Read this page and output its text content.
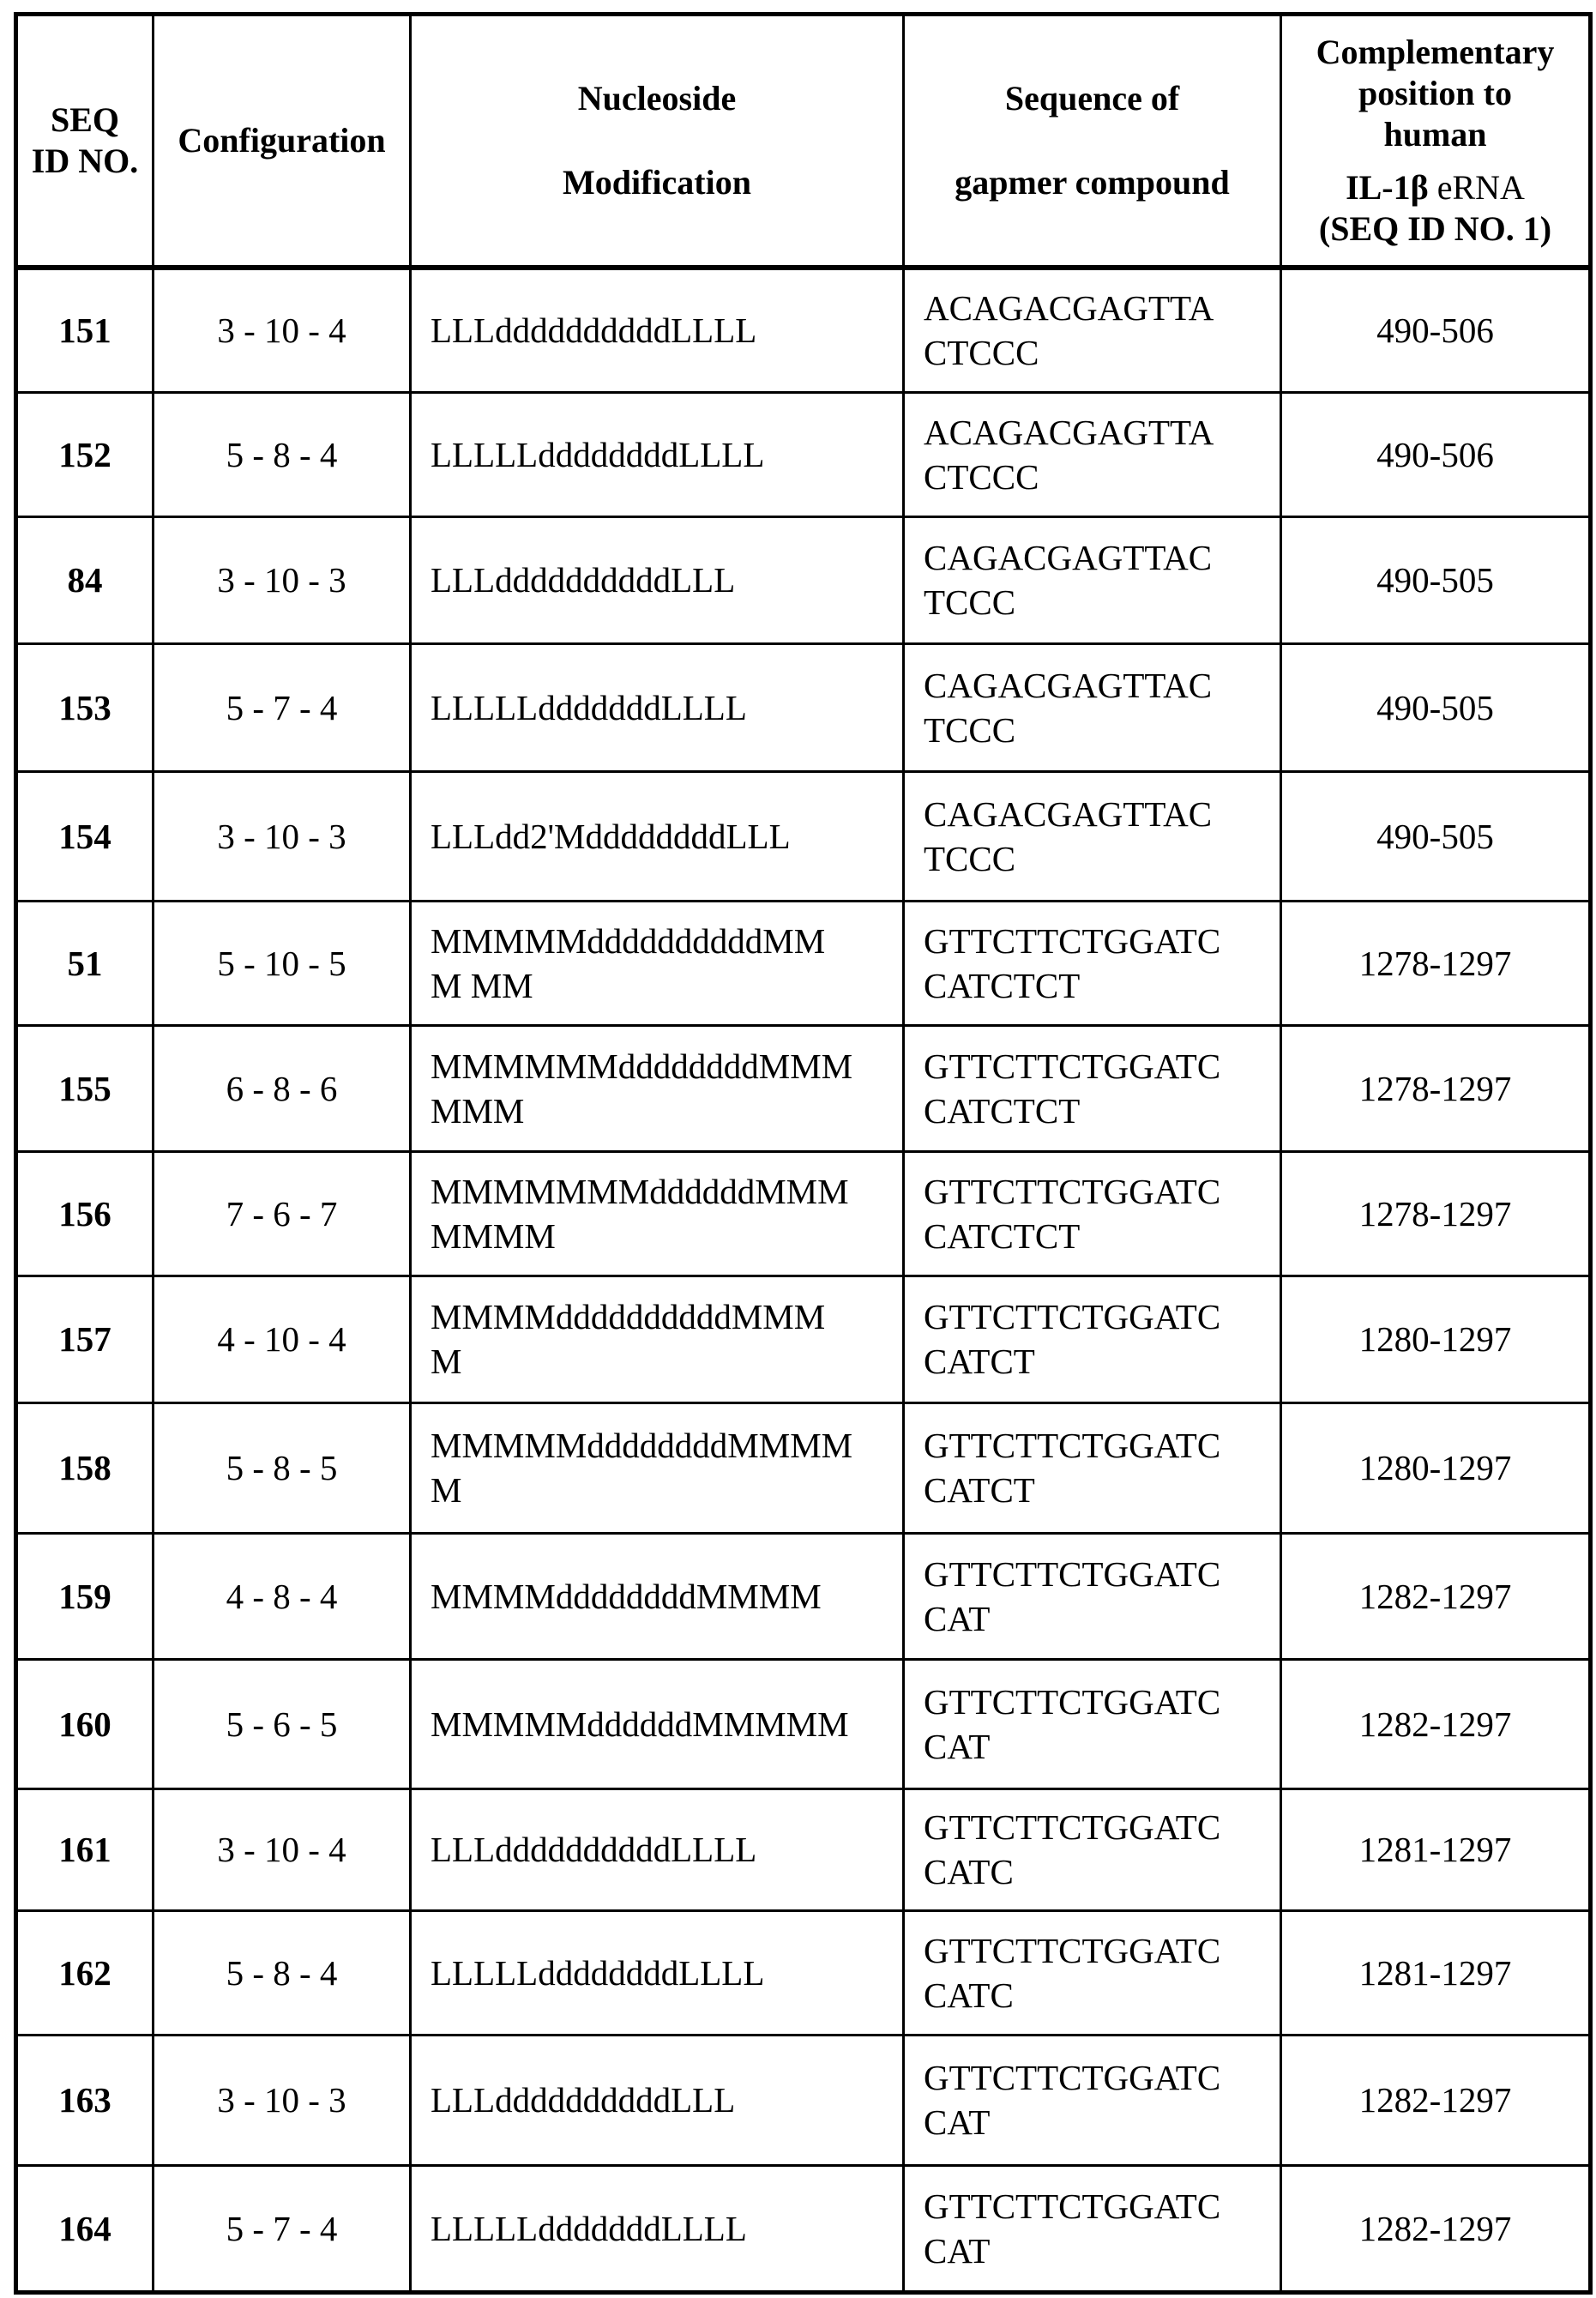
SEQ
ID NO.	Configuration	Nucleoside
Modification	Sequence of
gapmer compound	Complementary
position to
human
IL-1β eRNA
(SEQ ID NO. 1)
151	3 - 10 - 4	LLLddddddddddLLLL	
ACAGACGAGTTA
CTCCC
	490-506
152	5 - 8 - 4	LLLLLddddddddLLLL	
ACAGACGAGTTA
CTCCC
	490-506
84	3 - 10 - 3	LLLddddddddddLLL	
CAGACGAGTTAC
TCCC
	490-505
153	5 - 7 - 4	LLLLLdddddddLLLL	
CAGACGAGTTAC
TCCC
	490-505
154	3 - 10 - 3	LLLdd2'MddddddddLLL	
CAGACGAGTTAC
TCCC
	490-505
51	5 - 10 - 5	
MMMMMddddddddddMM
M MM

GTTCTTCTGGATC
CATCTCT
	1278-1297
155	6 - 8 - 6	
MMMMMMddddddddMMM
MMM

GTTCTTCTGGATC
CATCTCT
	1278-1297
156	7 - 6 - 7	
MMMMMMMddddddMMM
MMMM

GTTCTTCTGGATC
CATCTCT
	1278-1297
157	4 - 10 - 4	
MMMMddddddddddMMM
M

GTTCTTCTGGATC
CATCT
	1280-1297
158	5 - 8 - 5	
MMMMMddddddddMMMM
M

GTTCTTCTGGATC
CATCT
	1280-1297
159	4 - 8 - 4	MMMMddddddddMMMM	
GTTCTTCTGGATC
CAT
	1282-1297
160	5 - 6 - 5	MMMMMddddddMMMMM	
GTTCTTCTGGATC
CAT
	1282-1297
161	3 - 10 - 4	LLLddddddddddLLLL	
GTTCTTCTGGATC
CATC
	1281-1297
162	5 - 8 - 4	LLLLLddddddddLLLL	
GTTCTTCTGGATC
CATC
	1281-1297
163	3 - 10 - 3	LLLddddddddddLLL	
GTTCTTCTGGATC
CAT
	1282-1297
164	5 - 7 - 4	LLLLLdddddddLLLL	
GTTCTTCTGGATC
CAT
	1282-1297
